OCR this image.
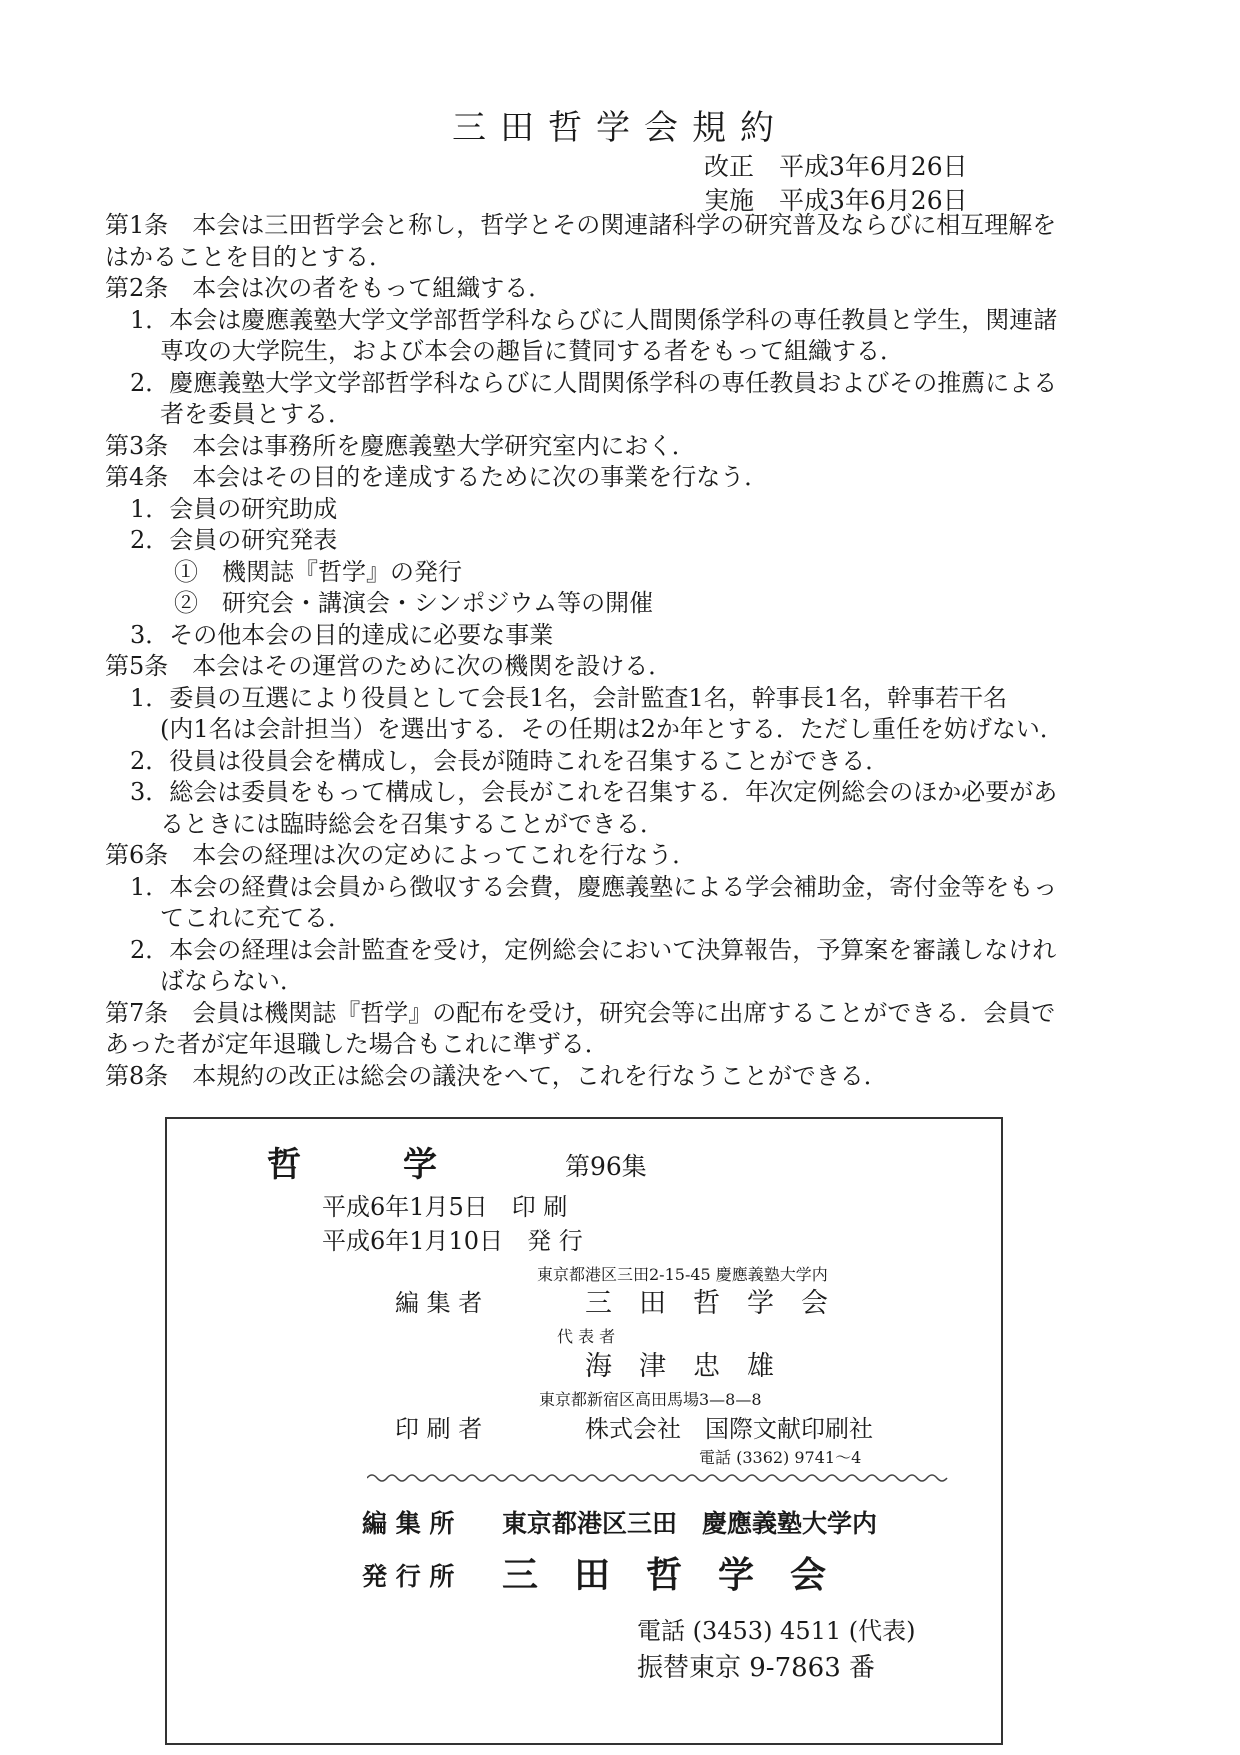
三田哲学会規約
改正　平成3年6月26日
実施　平成3年6月26日
第1条　本会は三田哲学会と称し，哲学とその関連諸科学の研究普及ならびに相互理解を
はかることを目的とする．
第2条　本会は次の者をもって組織する．
1．本会は慶應義塾大学文学部哲学科ならびに人間関係学科の専任教員と学生，関連諸
専攻の大学院生，および本会の趣旨に賛同する者をもって組織する．
2．慶應義塾大学文学部哲学科ならびに人間関係学科の専任教員およびその推薦による
者を委員とする．
第3条　本会は事務所を慶應義塾大学研究室内におく．
第4条　本会はその目的を達成するために次の事業を行なう．
1．会員の研究助成
2．会員の研究発表
①　機関誌『哲学』の発行
②　研究会・講演会・シンポジウム等の開催
3．その他本会の目的達成に必要な事業
第5条　本会はその運営のために次の機関を設ける．
1．委員の互選により役員として会長1名，会計監査1名，幹事長1名，幹事若干名
(内1名は会計担当）を選出する．その任期は2か年とする．ただし重任を妨げない．
2．役員は役員会を構成し，会長が随時これを召集することができる．
3．総会は委員をもって構成し，会長がこれを召集する．年次定例総会のほか必要があ
るときには臨時総会を召集することができる．
第6条　本会の経理は次の定めによってこれを行なう．
1．本会の経費は会員から徴収する会費，慶應義塾による学会補助金，寄付金等をもっ
てこれに充てる．
2．本会の経理は会計監査を受け，定例総会において決算報告，予算案を審議しなけれ
ばならない．
第7条　会員は機関誌『哲学』の配布を受け，研究会等に出席することができる．会員で
あった者が定年退職した場合もこれに準ずる．
第8条　本規約の改正は総会の議決をへて，これを行なうことができる．
哲　　　学	第96集
平成6年1月5日　印 刷
平成6年1月10日　発 行
東京都港区三田2-15-45 慶應義塾大学内
編 集 者	三　田　哲　学　会
代 表 者
海　津　忠　雄
東京都新宿区高田馬場3—8—8
印 刷 者	株式会社　国際文献印刷社
電話 (3362) 9741〜4
編 集 所 東京都港区三田　慶應義塾大学内
発 行 所 三　田　哲　学　会
電話 (3453) 4511 (代表)
振替東京 9-7863 番
